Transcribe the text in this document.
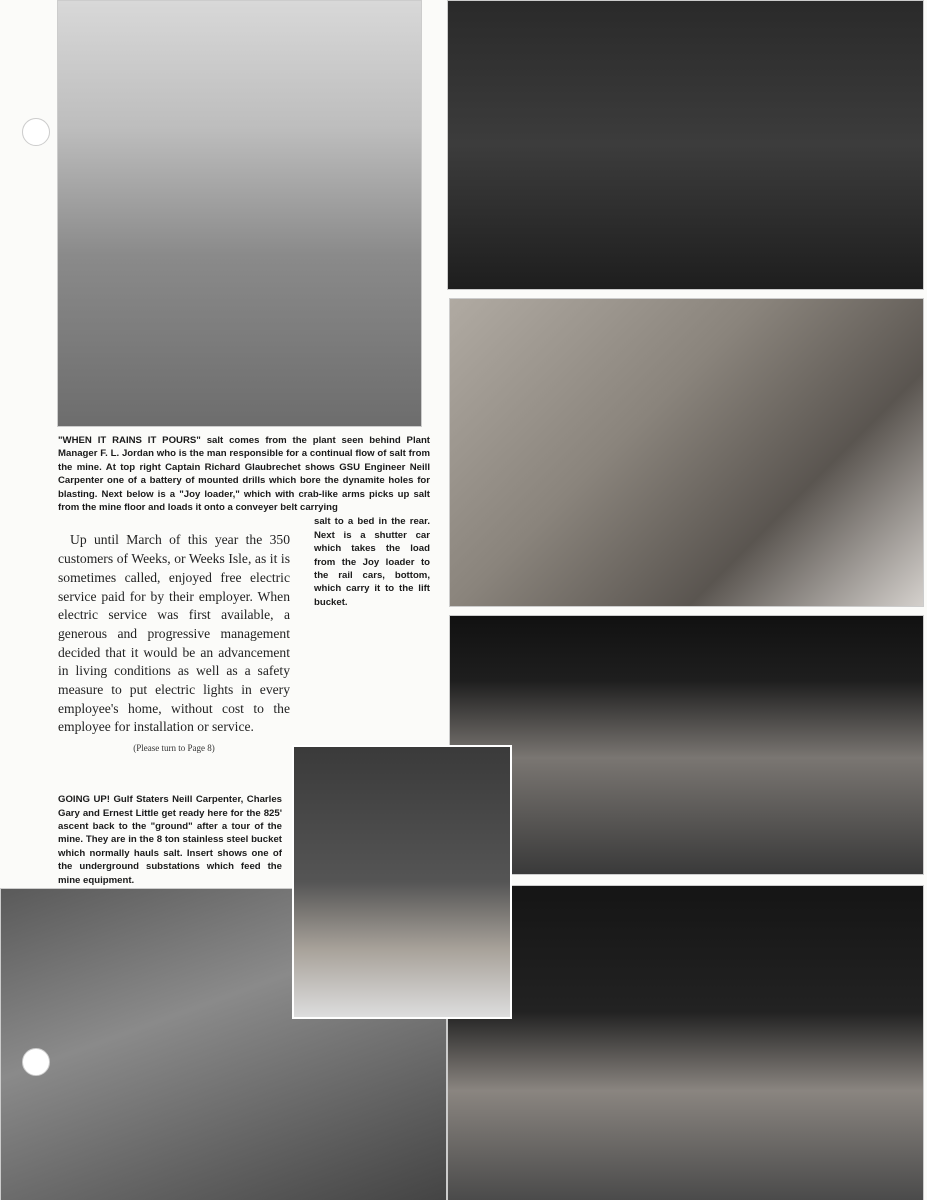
"WHEN IT RAINS IT POURS" salt comes from the plant seen behind Plant Manager F. L. Jordan who is the man responsible for a continual flow of salt from the mine. At top right Captain Richard Glaubrechet shows GSU Engineer Neill Carpenter one of a battery of mounted drills which bore the dynamite holes for blasting. Next below is a "Joy loader," which with crab-like arms picks up salt from the mine floor and loads it onto a conveyer belt carrying
Up until March of this year the 350 customers of Weeks, or Weeks Isle, as it is sometimes called, enjoyed free electric service paid for by their employer. When electric service was first available, a generous and progressive management decided that it would be an advancement in living conditions as well as a safety measure to put electric lights in every employee's home, without cost to the employee for installation or service.
(Please turn to Page 8)
GOING UP! Gulf Staters Neill Carpenter, Charles Gary and Ernest Little get ready here for the 825' ascent back to the "ground" after a tour of the mine. They are in the 8 ton stainless steel bucket which normally hauls salt. Insert shows one of the underground substations which feed the mine equipment.
salt to a bed in the rear. Next is a shutter car which takes the load from the Joy loader to the rail cars, bottom, which carry it to the lift bucket.
